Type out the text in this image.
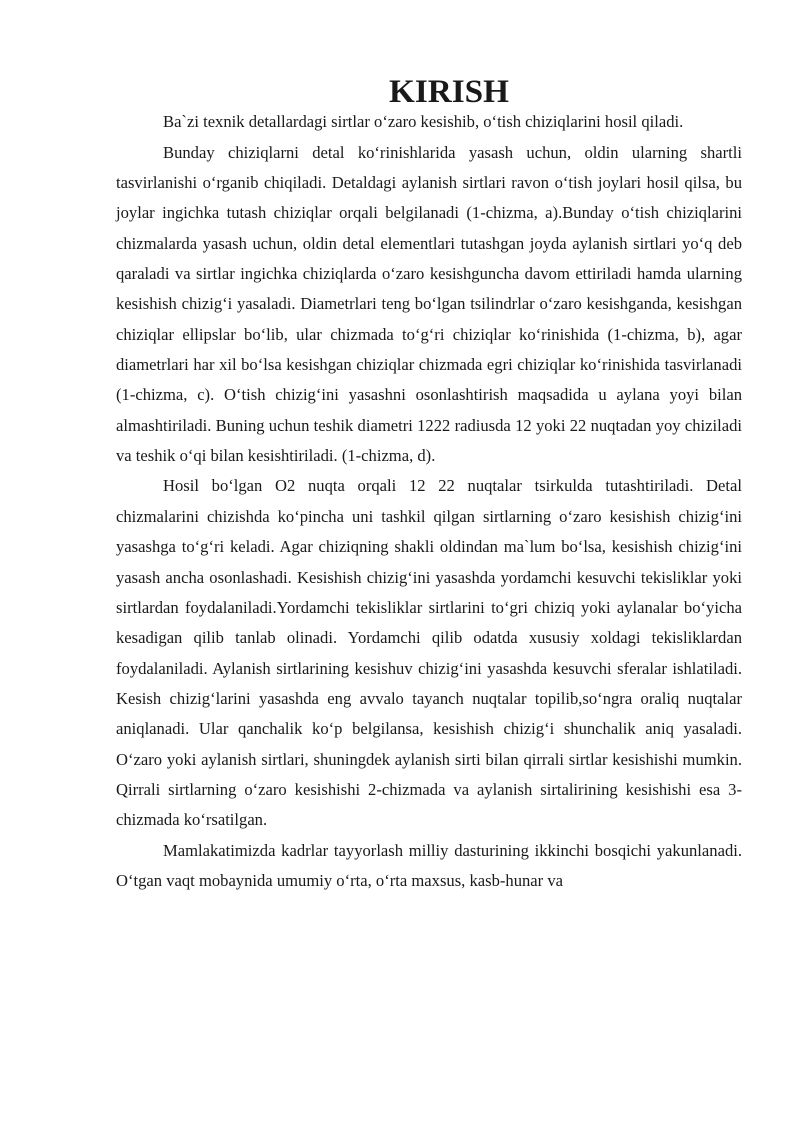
KIRISH

Ba`zi texnik detallardagi sirtlar o‘zaro kesishib, o‘tish chiziqlarini hosil qiladi.

Bunday chiziqlarni detal ko‘rinishlarida yasash uchun, oldin ularning shartli tasvirlanishi o‘rganib chiqiladi. Detaldagi aylanish sirtlari ravon o‘tish joylari hosil qilsa, bu joylar ingichka tutash chiziqlar orqali belgilanadi (1-chizma, a).Bunday o‘tish chiziqlarini chizmalarda yasash uchun, oldin detal elementlari tutashgan joyda aylanish sirtlari yo‘q deb qaraladi va sirtlar ingichka chiziqlarda o‘zaro kesishguncha davom ettiriladi hamda ularning kesishish chizig‘i yasaladi. Diametrlari teng bo‘lgan tsilindrlar o‘zaro kesishganda, kesishgan chiziqlar ellipslar bo‘lib, ular chizmada to‘g‘ri chiziqlar ko‘rinishida (1-chizma, b), agar diametrlari har xil bo‘lsa kesishgan chiziqlar chizmada egri chiziqlar ko‘rinishida tasvirlanadi (1-chizma, c). O‘tish chizig‘ini yasashni osonlashtirish maqsadida u aylana yoyi bilan almashtiriladi. Buning uchun teshik diametri 1222 radiusda 12 yoki 22 nuqtadan yoy chiziladi va teshik o‘qi bilan kesishtiriladi. (1-chizma, d).

Hosil bo‘lgan O2 nuqta orqali 12 22 nuqtalar tsirkulda tutashtiriladi. Detal chizmalarini chizishda ko‘pincha uni tashkil qilgan sirtlarning o‘zaro kesishish chizig‘ini yasashga to‘g‘ri keladi. Agar chiziqning shakli oldindan ma`lum bo‘lsa, kesishish chizig‘ini yasash ancha osonlashadi. Kesishish chizig‘ini yasashda yordamchi kesuvchi tekisliklar yoki sirtlardan foydalaniladi.Yordamchi tekisliklar sirtlarini to‘gri chiziq yoki aylanalar bo‘yicha kesadigan qilib tanlab olinadi. Yordamchi qilib odatda xususiy xoldagi tekisliklardan foydalaniladi. Aylanish sirtlarining kesishuv chizig‘ini yasashda kesuvchi sferalar ishlatiladi. Kesish chizig‘larini yasashda eng avvalo tayanch nuqtalar topilib,so‘ngra oraliq nuqtalar aniqlanadi. Ular qanchalik ko‘p belgilansa, kesishish chizig‘i shunchalik aniq yasaladi. O‘zaro yoki aylanish sirtlari, shuningdek aylanish sirti bilan qirrali sirtlar kesishishi mumkin. Qirrali sirtlarning o‘zaro kesishishi 2-chizmada va aylanish sirtalirining kesishishi esa 3-chizmada ko‘rsatilgan.

Mamlakatimizda kadrlar tayyorlash milliy dasturining ikkinchi bosqichi yakunlanadi. O‘tgan vaqt mobaynida umumiy o‘rta, o‘rta maxsus, kasb-hunar va
